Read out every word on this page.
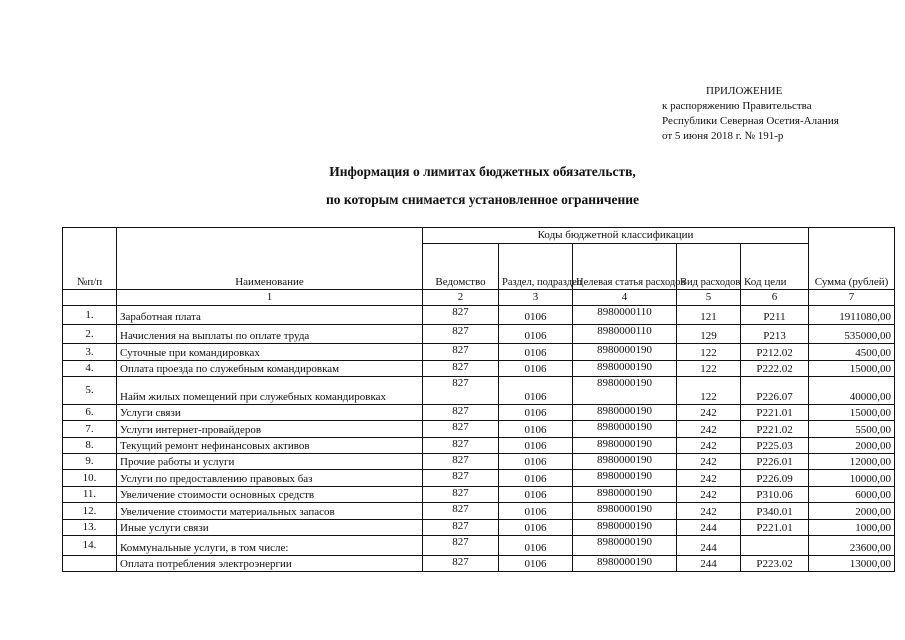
ПРИЛОЖЕНИЕ
к распоряжению Правительства
Республики Северная Осетия-Алания
от 5 июня 2018 г. № 191-р
Информация о лимитах бюджетных обязательств,
по которым снимается установленное ограничение
№п/п	Наименование	Коды бюджетной классификации					Сумма (рублей)
		Ведомство	Раздел, подраздел	Целевая статья расходов	Вид расходов	Код цели	
	1	2	3	4	5	6	7
1.	Заработная плата	827	0106	8980000110	121	Р211	1911080,00
2.	Начисления на выплаты по оплате труда	827	0106	8980000110	129	Р213	535000,00
3.	Суточные при командировках	827	0106	8980000190	122	Р212.02	4500,00
4.	Оплата проезда по служебным командировкам	827	0106	8980000190	122	Р222.02	15000,00
5.	Найм жилых помещений при служебных командировках	827	0106	8980000190	122	Р226.07	40000,00
6.	Услуги связи	827	0106	8980000190	242	Р221.01	15000,00
7.	Услуги интернет-провайдеров	827	0106	8980000190	242	Р221.02	5500,00
8.	Текущий ремонт нефинансовых активов	827	0106	8980000190	242	Р225.03	2000,00
9.	Прочие работы и услуги	827	0106	8980000190	242	Р226.01	12000,00
10.	Услуги по предоставлению правовых баз	827	0106	8980000190	242	Р226.09	10000,00
11.	Увеличение стоимости основных средств	827	0106	8980000190	242	Р310.06	6000,00
12.	Увеличение стоимости материальных запасов	827	0106	8980000190	242	Р340.01	2000,00
13.	Иные услуги связи	827	0106	8980000190	244	Р221.01	1000,00
14.	Коммунальные услуги, в том числе:	827	0106	8980000190	244		23600,00
	Оплата потребления электроэнергии	827	0106	8980000190	244	Р223.02	13000,00
